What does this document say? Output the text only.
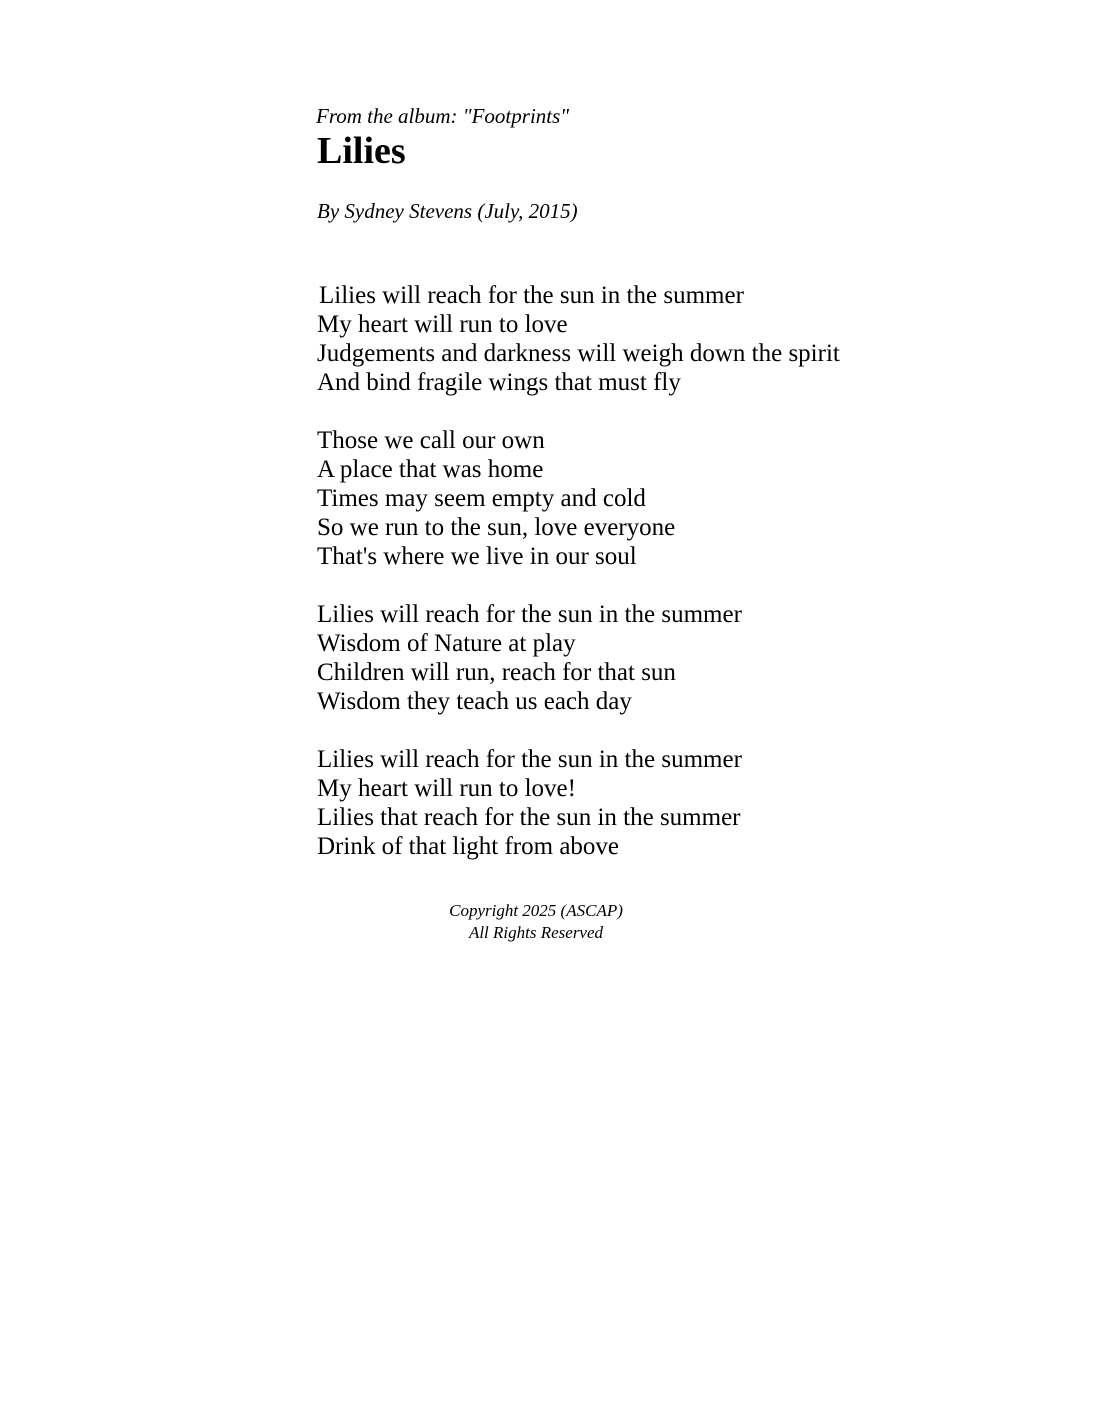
From the album: "Footprints"
Lilies
By Sydney Stevens (July, 2015)
Lilies will reach for the sun in the summer
My heart will run to love
Judgements and darkness will weigh down the spirit
And bind fragile wings that must fly
Those we call our own
A place that was home
Times may seem empty and cold
So we run to the sun, love everyone
That's where we live in our soul
Lilies will reach for the sun in the summer
Wisdom of Nature at play
Children will run, reach for that sun
Wisdom they teach us each day
Lilies will reach for the sun in the summer
My heart will run to love!
Lilies that reach for the sun in the summer
Drink of that light from above
Copyright 2025 (ASCAP)
All Rights Reserved
